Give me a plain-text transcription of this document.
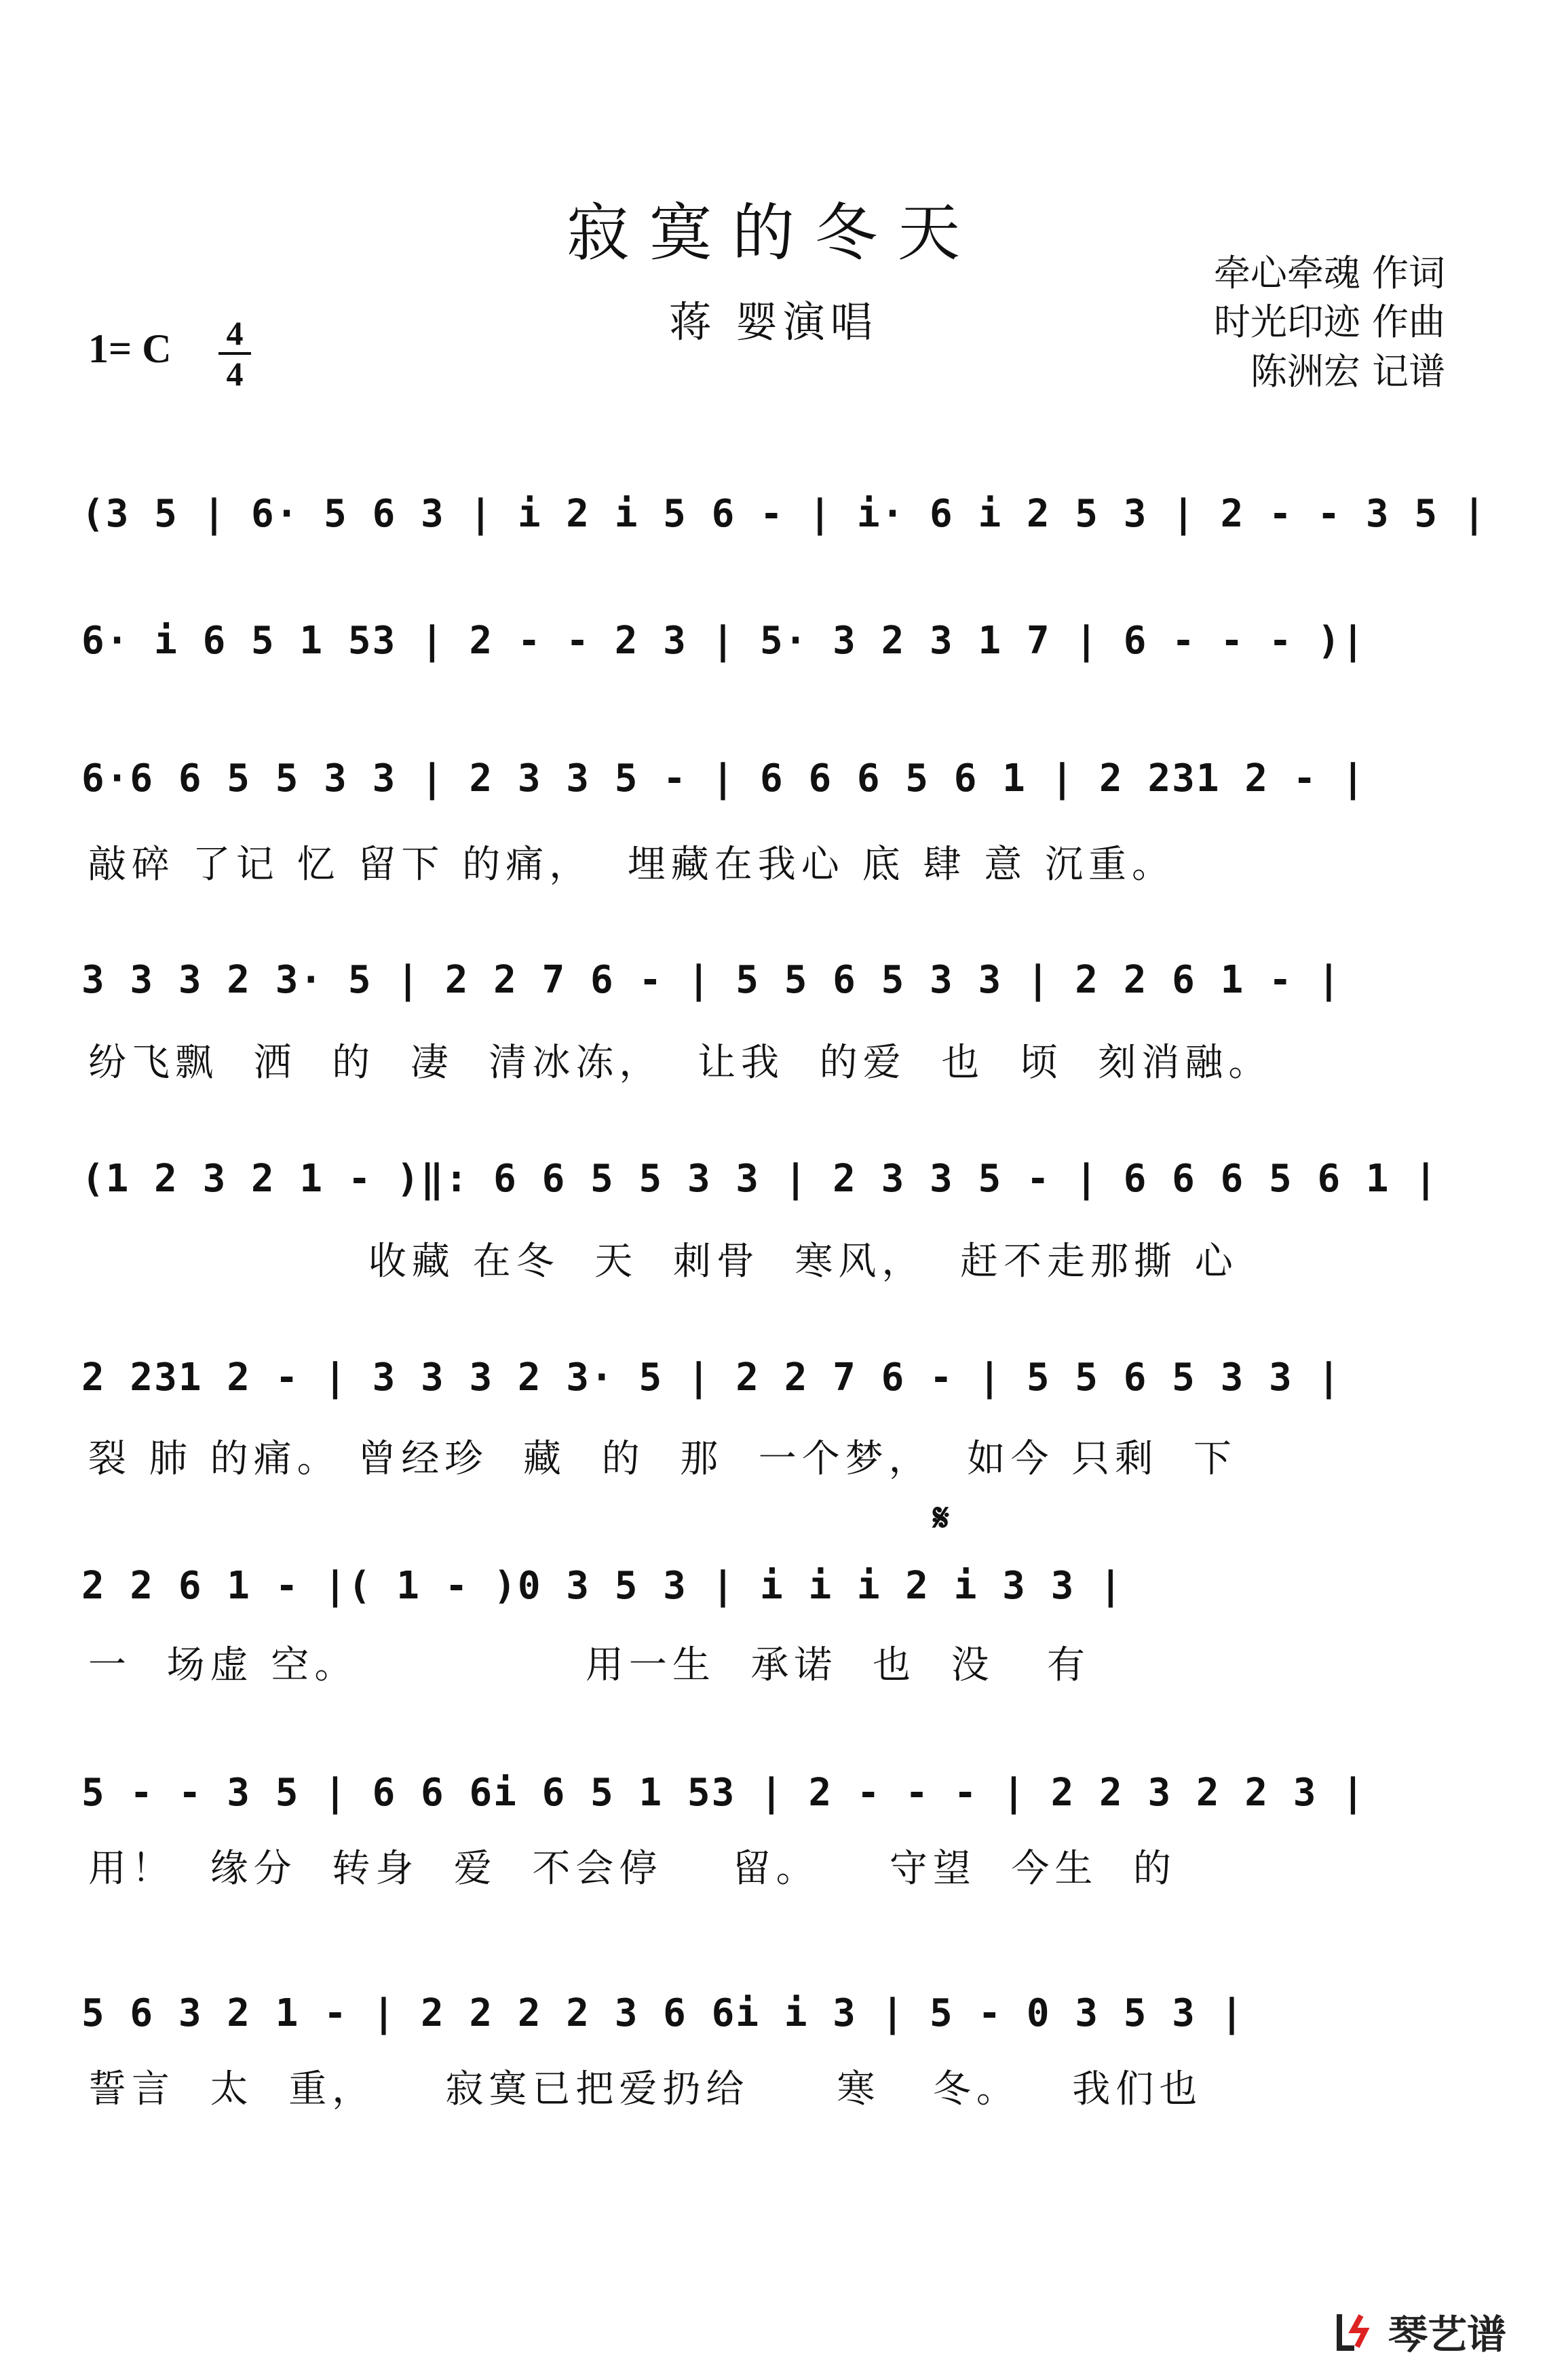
寂寞的冬天
蒋 婴演唱
牵心牵魂 作词
时光印迹 作曲
陈洲宏 记谱
1= C 4
4
(3 5 | 6· 5 6 3 | i 2 i 5 6 - | i· 6 i 2 5 3 | 2 - - 3 5 |
6· i 6 5 1 53 | 2 - - 2 3 | 5· 3 2 3 1 7 | 6 - - - )|
6·6 6 5 5 3 3 | 2 3 3 5 - | 6 6 6 5 6 1 | 2 231 2 - |
敲碎 了记 忆 留下 的痛，  埋藏在我心 底 肆 意 沉重。
3 3 3 2 3· 5 | 2 2 7 6 - | 5 5 6 5 3 3 | 2 2 6 1 - |
纷飞飘  洒  的  凄  清冰冻，  让我  的爱  也  顷  刻消融。
(1 2 3 2 1 - )‖: 6 6 5 5 3 3 | 2 3 3 5 - | 6 6 6 5 6 1 |
收藏 在冬  天  刺骨  寒风，  赶不走那撕 心
2 231 2 - | 3 3 3 2 3· 5 | 2 2 7 6 - | 5 5 6 5 3 3 |
裂 肺 的痛。 曾经珍  藏  的  那  一个梦，  如今 只剩  下
𝄋
2 2 6 1 - |( 1 - )0 3 5 3 | i i i 2 i 3 3 |
一  场虚 空。             用一生  承诺  也  没   有
5 - - 3 5 | 6 6 6i 6 5 1 53 | 2 - - - | 2 2 3 2 2 3 |
用！  缘分  转身  爱  不会停    留。    守望  今生  的
5 6 3 2 1 - | 2 2 2 2 3 6 6i i 3 | 5 - 0 3 5 3 |
誓言  太  重，    寂寞已把爱扔给     寒   冬。   我们也
琴艺谱
